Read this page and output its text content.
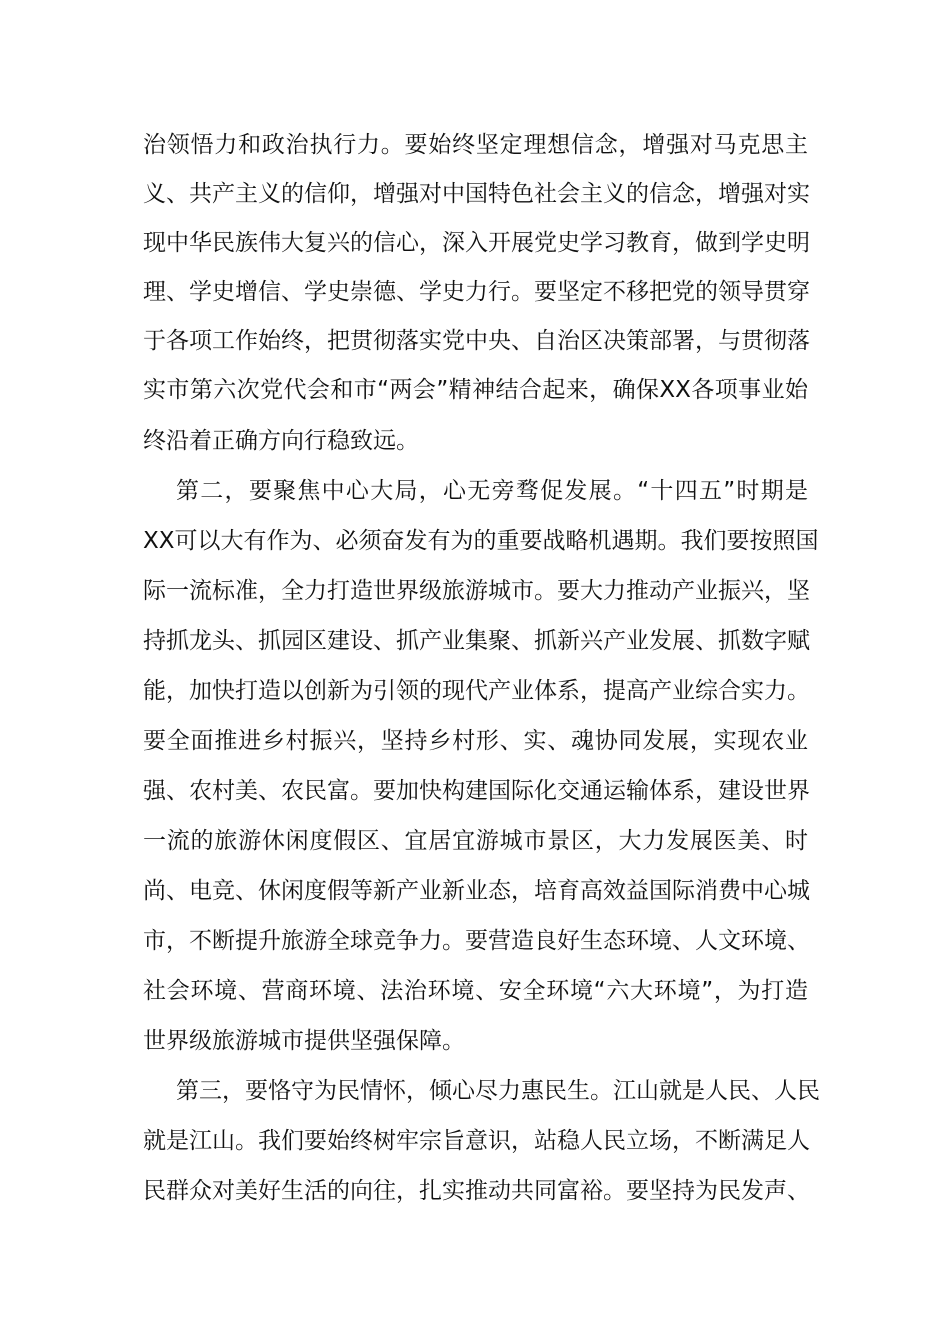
治领悟力和政治执行力。要始终坚定理想信念，增强对马克思主
义、共产主义的信仰，增强对中国特色社会主义的信念，增强对实
现中华民族伟大复兴的信心，深入开展党史学习教育，做到学史明
理、学史增信、学史崇德、学史力行。要坚定不移把党的领导贯穿
于各项工作始终，把贯彻落实党中央、自治区决策部署，与贯彻落
实市第六次党代会和市“两会”精神结合起来，确保XX各项事业始
终沿着正确方向行稳致远。
第二，要聚焦中心大局，心无旁骛促发展。“十四五”时期是
XX可以大有作为、必须奋发有为的重要战略机遇期。我们要按照国
际一流标准，全力打造世界级旅游城市。要大力推动产业振兴，坚
持抓龙头、抓园区建设、抓产业集聚、抓新兴产业发展、抓数字赋
能，加快打造以创新为引领的现代产业体系，提高产业综合实力。
要全面推进乡村振兴，坚持乡村形、实、魂协同发展，实现农业
强、农村美、农民富。要加快构建国际化交通运输体系，建设世界
一流的旅游休闲度假区、宜居宜游城市景区，大力发展医美、时
尚、电竞、休闲度假等新产业新业态，培育高效益国际消费中心城
市，不断提升旅游全球竞争力。要营造良好生态环境、人文环境、
社会环境、营商环境、法治环境、安全环境“六大环境”，为打造
世界级旅游城市提供坚强保障。
第三，要恪守为民情怀，倾心尽力惠民生。江山就是人民、人民
就是江山。我们要始终树牢宗旨意识，站稳人民立场，不断满足人
民群众对美好生活的向往，扎实推动共同富裕。要坚持为民发声、
